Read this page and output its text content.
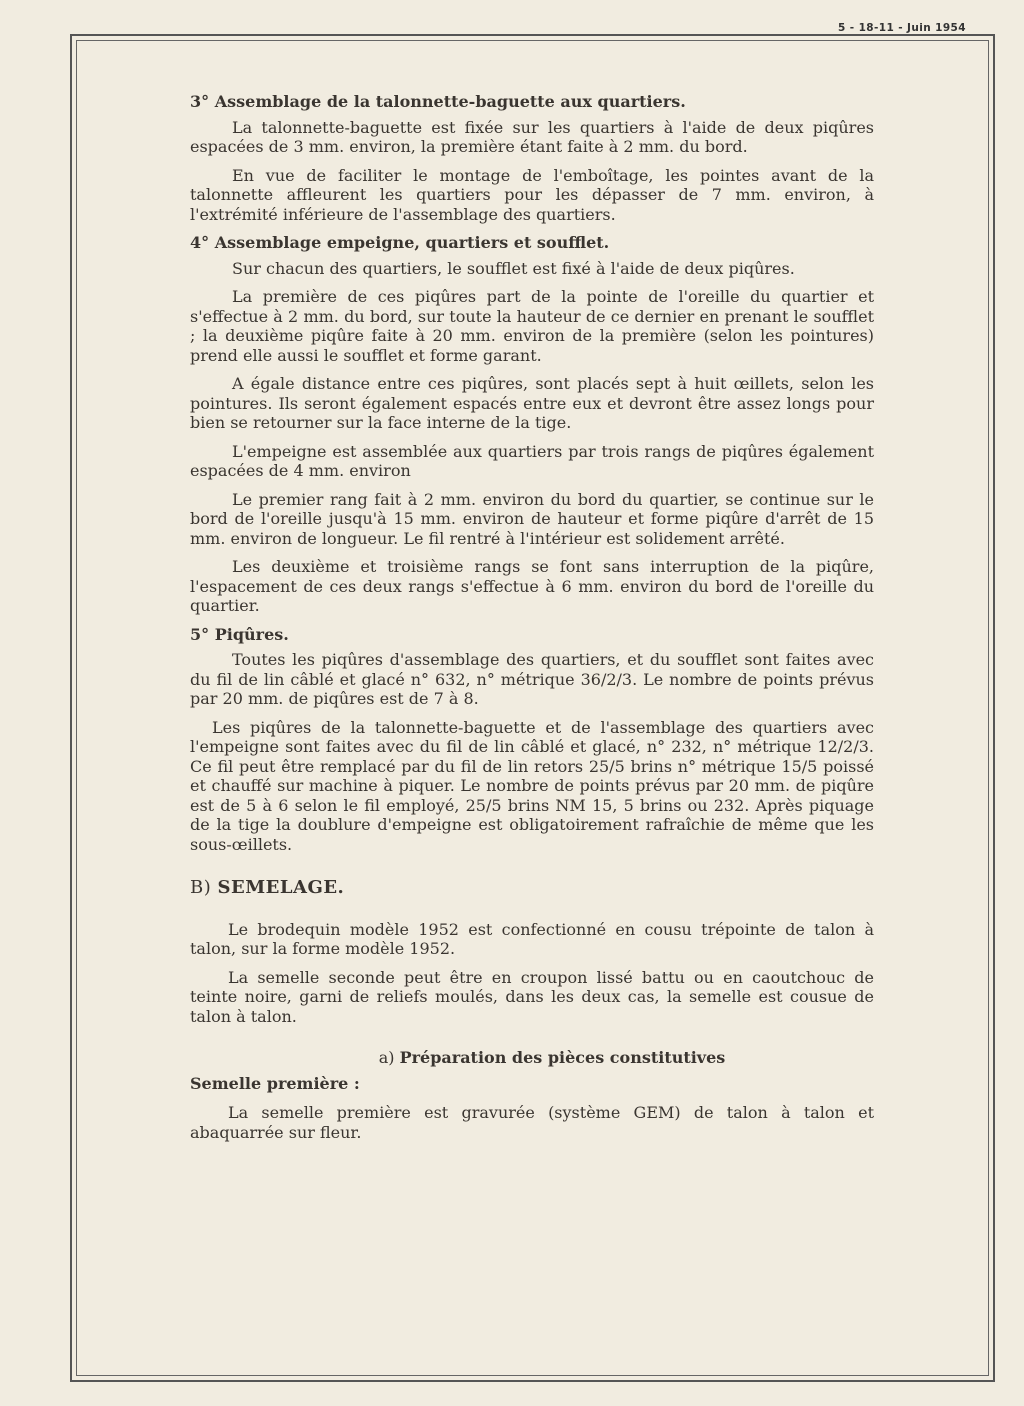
5 - 18-11 - Juin 1954

3° Assemblage de la talonnette-baguette aux quartiers.

La talonnette-baguette est fixée sur les quartiers à l'aide de deux piqûres espacées de 3 mm. environ, la première étant faite à 2 mm. du bord.

En vue de faciliter le montage de l'emboîtage, les pointes avant de la talonnette affleurent les quartiers pour les dépasser de 7 mm. environ, à l'extrémité inférieure de l'assemblage des quartiers.

4° Assemblage empeigne, quartiers et soufflet.

Sur chacun des quartiers, le soufflet est fixé à l'aide de deux piqûres.

La première de ces piqûres part de la pointe de l'oreille du quartier et s'effectue à 2 mm. du bord, sur toute la hauteur de ce dernier en prenant le soufflet ; la deuxième piqûre faite à 20 mm. environ de la première (selon les pointures) prend elle aussi le soufflet et forme garant.

A égale distance entre ces piqûres, sont placés sept à huit œillets, selon les pointures. Ils seront également espacés entre eux et devront être assez longs pour bien se retourner sur la face interne de la tige.

L'empeigne est assemblée aux quartiers par trois rangs de piqûres également espacées de 4 mm. environ

Le premier rang fait à 2 mm. environ du bord du quartier, se continue sur le bord de l'oreille jusqu'à 15 mm. environ de hauteur et forme piqûre d'arrêt de 15 mm. environ de longueur. Le fil rentré à l'intérieur est solidement arrêté.

Les deuxième et troisième rangs se font sans interruption de la piqûre, l'espacement de ces deux rangs s'effectue à 6 mm. environ du bord de l'oreille du quartier.

5° Piqûres.

Toutes les piqûres d'assemblage des quartiers, et du soufflet sont faites avec du fil de lin câblé et glacé n° 632, n° métrique 36/2/3. Le nombre de points prévus par 20 mm. de piqûres est de 7 à 8.

Les piqûres de la talonnette-baguette et de l'assemblage des quartiers avec l'empeigne sont faites avec du fil de lin câblé et glacé, n° 232, n° métrique 12/2/3. Ce fil peut être remplacé par du fil de lin retors 25/5 brins n° métrique 15/5 poissé et chauffé sur machine à piquer. Le nombre de points prévus par 20 mm. de piqûre est de 5 à 6 selon le fil employé, 25/5 brins NM 15, 5 brins ou 232. Après piquage de la tige la doublure d'empeigne est obligatoirement rafraîchie de même que les sous-œillets.

B) SEMELAGE.

Le brodequin modèle 1952 est confectionné en cousu trépointe de talon à talon, sur la forme modèle 1952.

La semelle seconde peut être en croupon lissé battu ou en caoutchouc de teinte noire, garni de reliefs moulés, dans les deux cas, la semelle est cousue de talon à talon.

a) Préparation des pièces constitutives

Semelle première :

La semelle première est gravurée (système GEM) de talon à talon et abaquarrée sur fleur.
